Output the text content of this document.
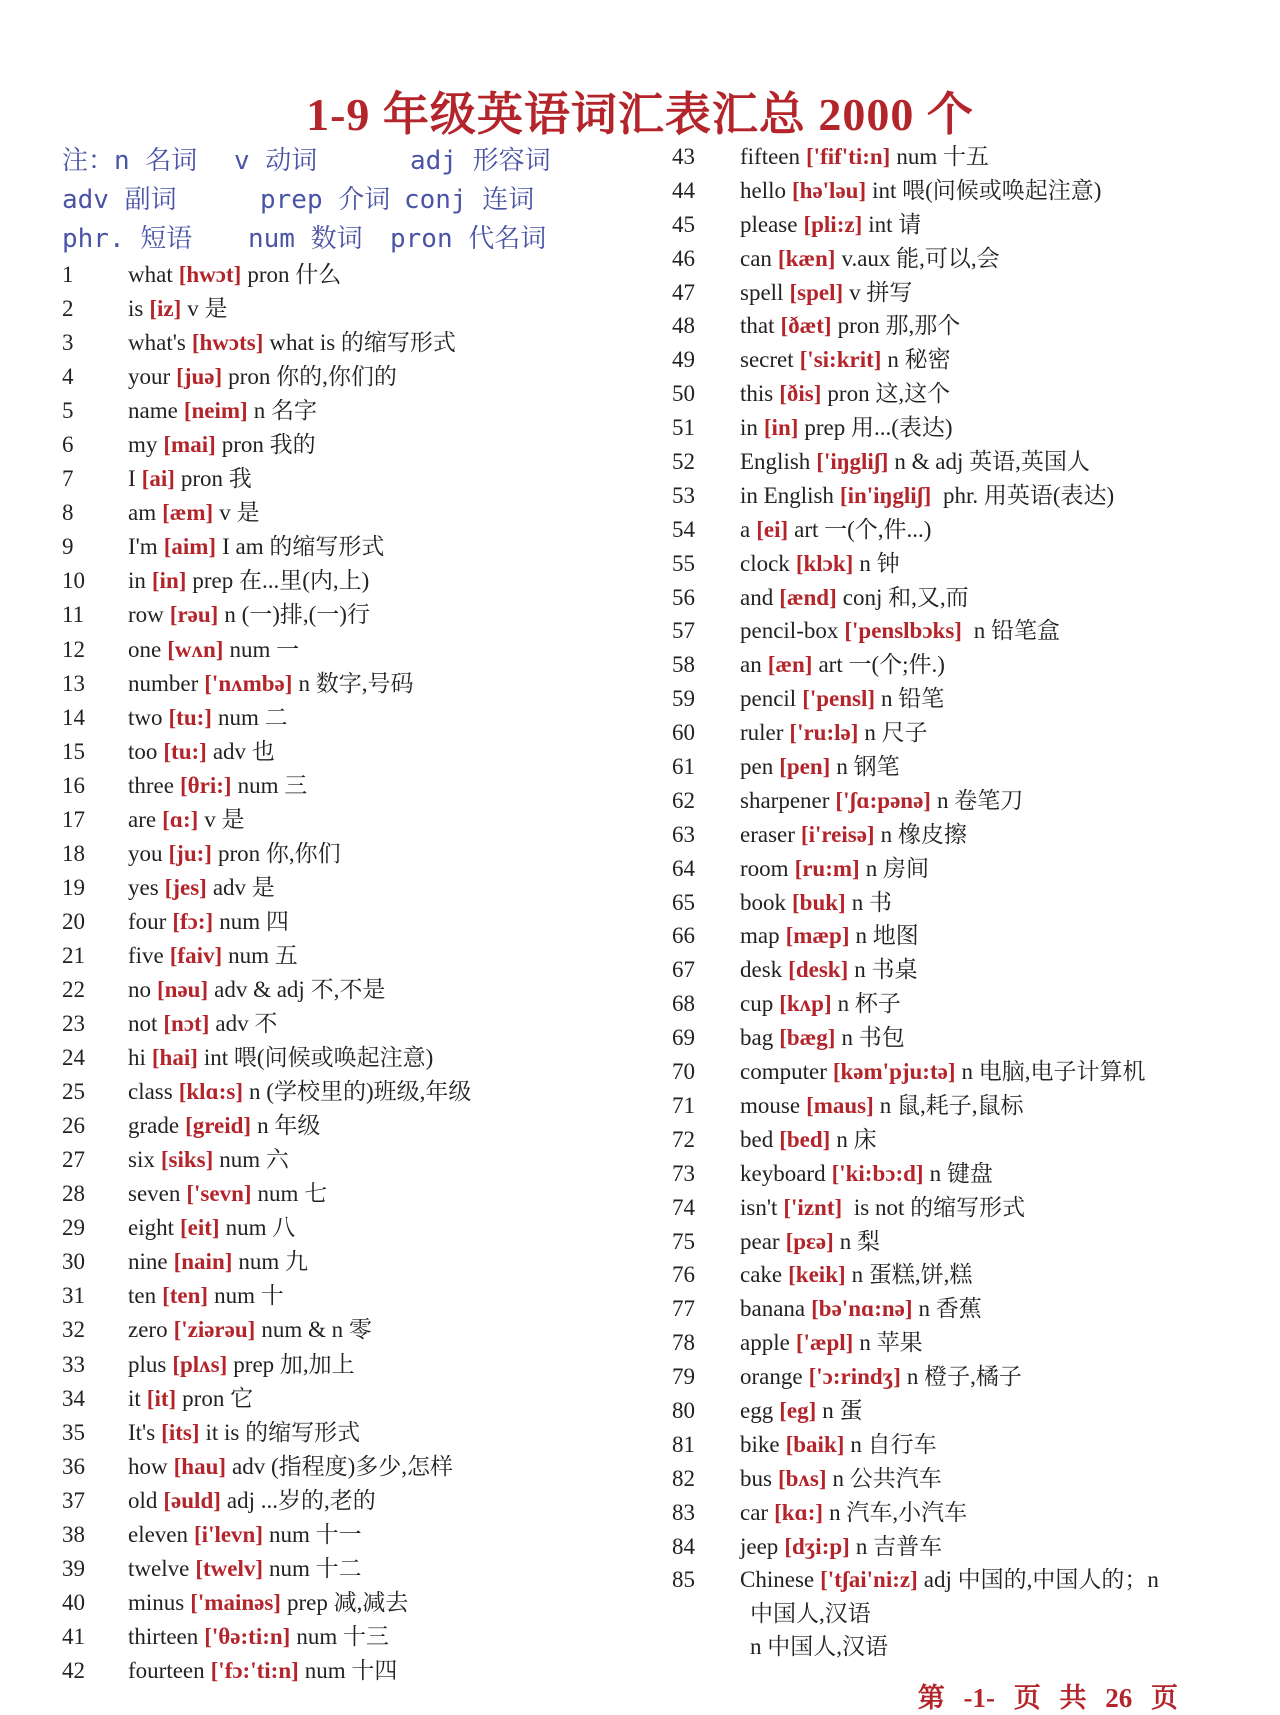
1-9 年级英语词汇表汇总 2000 个
注：n 名词 v 动词	adj 形容词
adv 副词	prep 介词 conj 连词
phr. 短语 num 数词 pron 代名词
1	what [hwɔt] pron 什么
2	is [iz] v 是
3	what's [hwɔts] what is 的缩写形式
4	your [juə] pron 你的,你们的
5	name [neim] n 名字
6	my [mai] pron 我的
7	I [ai] pron 我
8	am [æm] v 是
9	I'm [aim] I am 的缩写形式
10	in [in] prep 在...里(内,上)
11	row [rəu] n (一)排,(一)行
12	one [wʌn] num 一
13	number ['nʌmbə] n 数字,号码
14	two [tu:] num 二
15	too [tu:] adv 也
16	three [θri:] num 三
17	are [ɑ:] v 是
18	you [ju:] pron 你,你们
19	yes [jes] adv 是
20	four [fɔ:] num 四
21	five [faiv] num 五
22	no [nəu] adv & adj 不,不是
23	not [nɔt] adv 不
24	hi [hai] int 喂(问候或唤起注意)
25	class [klɑ:s] n (学校里的)班级,年级
26	grade [greid] n 年级
27	six [siks] num 六
28	seven ['sevn] num 七
29	eight [eit] num 八
30	nine [nain] num 九
31	ten [ten] num 十
32	zero ['ziərəu] num & n 零
33	plus [plʌs] prep 加,加上
34	it [it] pron 它
35	It's [its] it is 的缩写形式
36	how [hau] adv (指程度)多少,怎样
37	old [əuld] adj ...岁的,老的
38	eleven [i'levn] num 十一
39	twelve [twelv] num 十二
40	minus ['mainəs] prep 减,减去
41	thirteen ['θə:ti:n] num 十三
42	fourteen ['fɔ:'ti:n] num 十四
43	fifteen ['fif'ti:n] num 十五
44	hello [hə'ləu] int 喂(问候或唤起注意)
45	please [pli:z] int 请
46	can [kæn] v.aux 能,可以,会
47	spell [spel] v 拼写
48	that [ðæt] pron 那,那个
49	secret ['si:krit] n 秘密
50	this [ðis] pron 这,这个
51	in [in] prep 用...(表达)
52	English ['iŋgliʃ] n & adj 英语,英国人
53	in English [in'iŋgliʃ] phr. 用英语(表达)
54	a [ei] art 一(个,件...)
55	clock [klɔk] n 钟
56	and [ænd] conj 和,又,而
57	pencil-box ['penslbɔks] n 铅笔盒
58	an [æn] art 一(个;件.)
59	pencil ['pensl] n 铅笔
60	ruler ['ru:lə] n 尺子
61	pen [pen] n 钢笔
62	sharpener ['ʃɑ:pənə] n 卷笔刀
63	eraser [i'reisə] n 橡皮擦
64	room [ru:m] n 房间
65	book [buk] n 书
66	map [mæp] n 地图
67	desk [desk] n 书桌
68	cup [kʌp] n 杯子
69	bag [bæg] n 书包
70	computer [kəm'pju:tə] n 电脑,电子计算机
71	mouse [maus] n 鼠,耗子,鼠标
72	bed [bed] n 床
73	keyboard ['ki:bɔ:d] n 键盘
74	isn't ['iznt] is not 的缩写形式
75	pear [pɛə] n 梨
76	cake [keik] n 蛋糕,饼,糕
77	banana [bə'nɑ:nə] n 香蕉
78	apple ['æpl] n 苹果
79	orange ['ɔ:rindʒ] n 橙子,橘子
80	egg [eg] n 蛋
81	bike [baik] n 自行车
82	bus [bʌs] n 公共汽车
83	car [kɑ:] n 汽车,小汽车
84	jeep [dʒi:p] n 吉普车
85	Chinese ['tʃai'ni:z] adj 中国的,中国人的；n
中国人,汉语
n 中国人,汉语
第 -1- 页 共 26 页
